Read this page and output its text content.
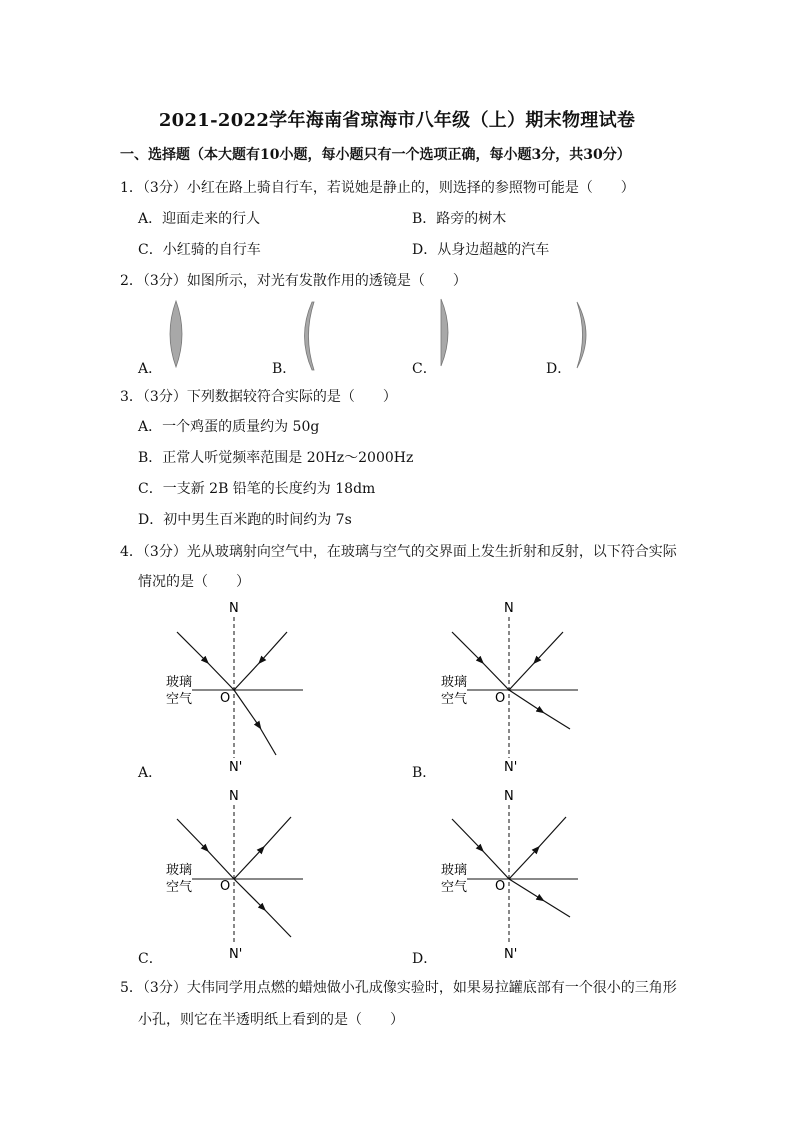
2021-2022学年海南省琼海市八年级（上）期末物理试卷
一、选择题（本大题有10小题，每小题只有一个选项正确，每小题3分，共30分）
1．（3分）小红在路上骑自行车，若说她是静止的，则选择的参照物可能是（　　）
A．迎面走来的行人	B．路旁的树木
C．小红骑的自行车	D．从身边超越的汽车
2．（3分）如图所示，对光有发散作用的透镜是（　　）
A．	B．	C．	D．
3．（3分）下列数据较符合实际的是（　　）
A．一个鸡蛋的质量约为 50g
B．正常人听觉频率范围是 20Hz～2000Hz
C．一支新 2B 铅笔的长度约为 18dm
D．初中男生百米跑的时间约为 7s
4．（3分）光从玻璃射向空气中，在玻璃与空气的交界面上发生折射和反射，以下符合实际
情况的是（　　）
N
N'
O
玻璃
空气
N
N'
O
玻璃
空气
N
N'
O
玻璃
空气
N
N'
O
玻璃
空气
A．	B．
C．	D．
5．（3分）大伟同学用点燃的蜡烛做小孔成像实验时，如果易拉罐底部有一个很小的三角形
小孔，则它在半透明纸上看到的是（　　）
